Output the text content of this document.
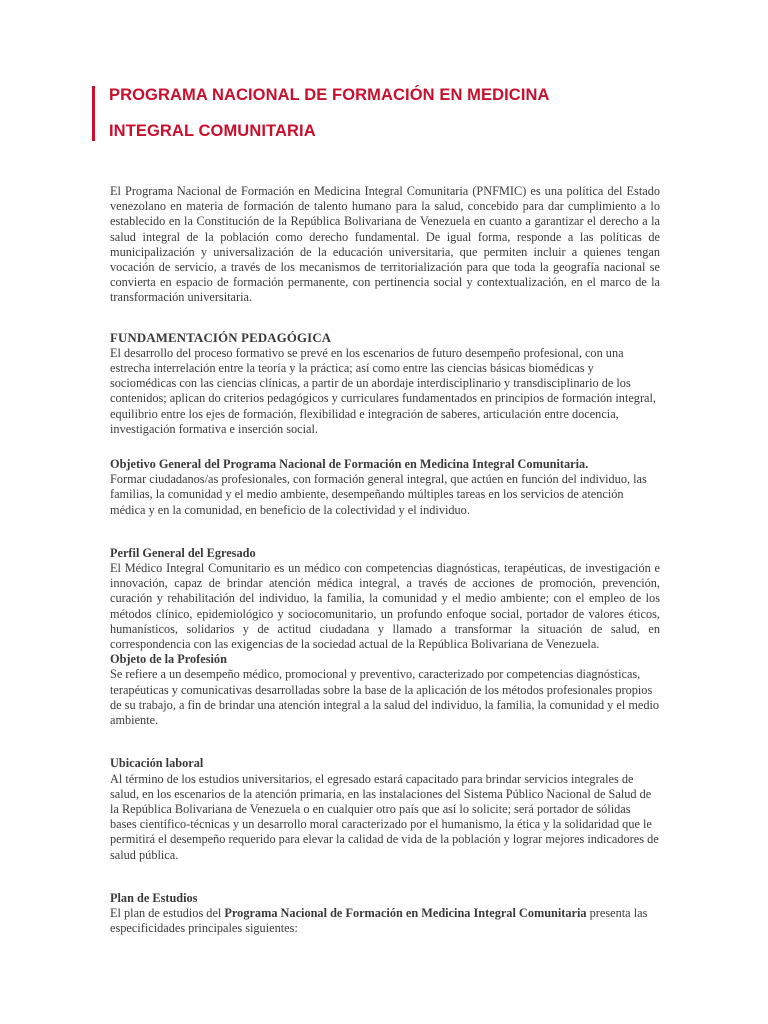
PROGRAMA NACIONAL DE FORMACIÓN EN MEDICINA

INTEGRAL COMUNITARIA

El Programa Nacional de Formación en Medicina Integral Comunitaria (PNFMIC) es una política del Estado venezolano en materia de formación de talento humano para la salud, concebido para dar cumplimiento a lo establecido en la Constitución de la República Bolivariana de Venezuela en cuanto a garantizar el derecho a la salud integral de la población como derecho fundamental. De igual forma, responde a las políticas de municipalización y universalización de la educación universitaria, que permiten incluir a quienes tengan vocación de servicio, a través de los mecanismos de territorialización para que toda la geografía nacional se convierta en espacio de formación permanente, con pertinencia social y contextualización, en el marco de la transformación universitaria.

FUNDAMENTACIÓN PEDAGÓGICA

El desarrollo del proceso formativo se prevé en los escenarios de futuro desempeño profesional, con una estrecha interrelación entre la teoría y la práctica; así como entre las ciencias básicas biomédicas y sociomédicas con las ciencias clínicas, a partir de un abordaje interdisciplinario y transdisciplinario de los contenidos; aplican do criterios pedagógicos y curriculares fundamentados en principios de formación integral, equilibrio entre los ejes de formación, flexibilidad e integración de saberes, articulación entre docencia, investigación formativa e inserción social.

Objetivo General del Programa Nacional de Formación en Medicina Integral Comunitaria.

Formar ciudadanos/as profesionales, con formación general integral, que actúen en función del individuo, las familias, la comunidad y el medio ambiente, desempeñando múltiples tareas en los servicios de atención médica y en la comunidad, en beneficio de la colectividad y el individuo.

Perfil General del Egresado

El Médico Integral Comunitario es un médico con competencias diagnósticas, terapéuticas, de investigación e innovación, capaz de brindar atención médica integral, a través de acciones de promoción, prevención, curación y rehabilitación del individuo, la familia, la comunidad y el medio ambiente; con el empleo de los métodos clínico, epidemiológico y sociocomunitario, un profundo enfoque social, portador de valores éticos, humanísticos, solidarios y de actitud ciudadana y llamado a transformar la situación de salud, en correspondencia con las exigencias de la sociedad actual de la República Bolivariana de Venezuela.

Objeto de la Profesión

Se refiere a un desempeño médico, promocional y preventivo, caracterizado por competencias diagnósticas, terapéuticas y comunicativas desarrolladas sobre la base de la aplicación de los métodos profesionales propios de su trabajo, a fin de brindar una atención integral a la salud del individuo, la familia, la comunidad y el medio ambiente.

Ubicación laboral

Al término de los estudios universitarios, el egresado estará capacitado para brindar servicios integrales de salud, en los escenarios de la atención primaria, en las instalaciones del Sistema Público Nacional de Salud de la República Bolivariana de Venezuela o en cualquier otro país que así lo solicite; será portador de sólidas bases científico-técnicas y un desarrollo moral caracterizado por el humanismo, la ética y la solidaridad que le permitirá el desempeño requerido para elevar la calidad de vida de la población y lograr mejores indicadores de salud pública.

Plan de Estudios

El plan de estudios del Programa Nacional de Formación en Medicina Integral Comunitaria presenta las especificidades principales siguientes:
